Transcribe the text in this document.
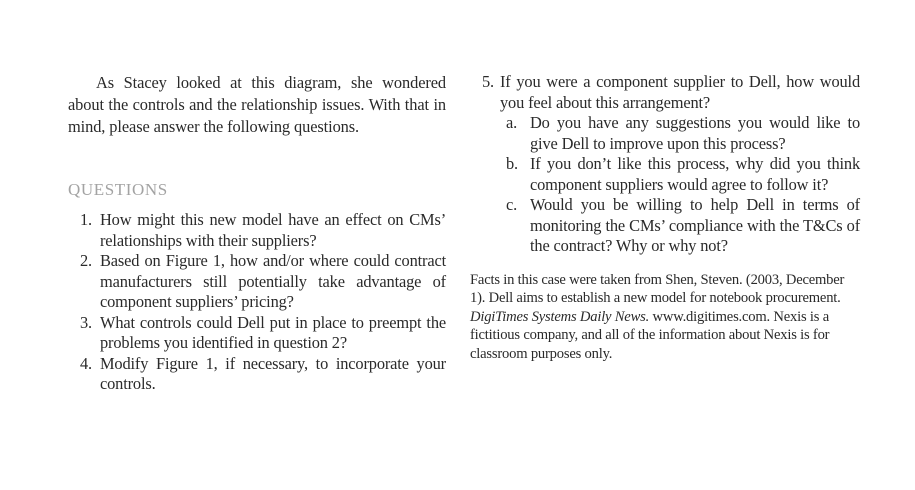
As Stacey looked at this diagram, she wondered about the controls and the relationship issues. With that in mind, please answer the following questions.

QUESTIONS
1. How might this new model have an effect on CMs’ relationships with their suppliers?
2. Based on Figure 1, how and/or where could contract manufacturers still potentially take advantage of component suppliers’ pricing?
3. What controls could Dell put in place to preempt the problems you identified in question 2?
4. Modify Figure 1, if necessary, to incorporate your controls.
5. If you were a component supplier to Dell, how would you feel about this arrangement?
a. Do you have any suggestions you would like to give Dell to improve upon this process?
b. If you don’t like this process, why did you think component suppliers would agree to follow it?
c. Would you be willing to help Dell in terms of monitoring the CMs’ compliance with the T&Cs of the contract? Why or why not?

Facts in this case were taken from Shen, Steven. (2003, December 1). Dell aims to establish a new model for notebook procurement. DigiTimes Systems Daily News. www.digitimes.com. Nexis is a fictitious company, and all of the information about Nexis is for classroom purposes only.
